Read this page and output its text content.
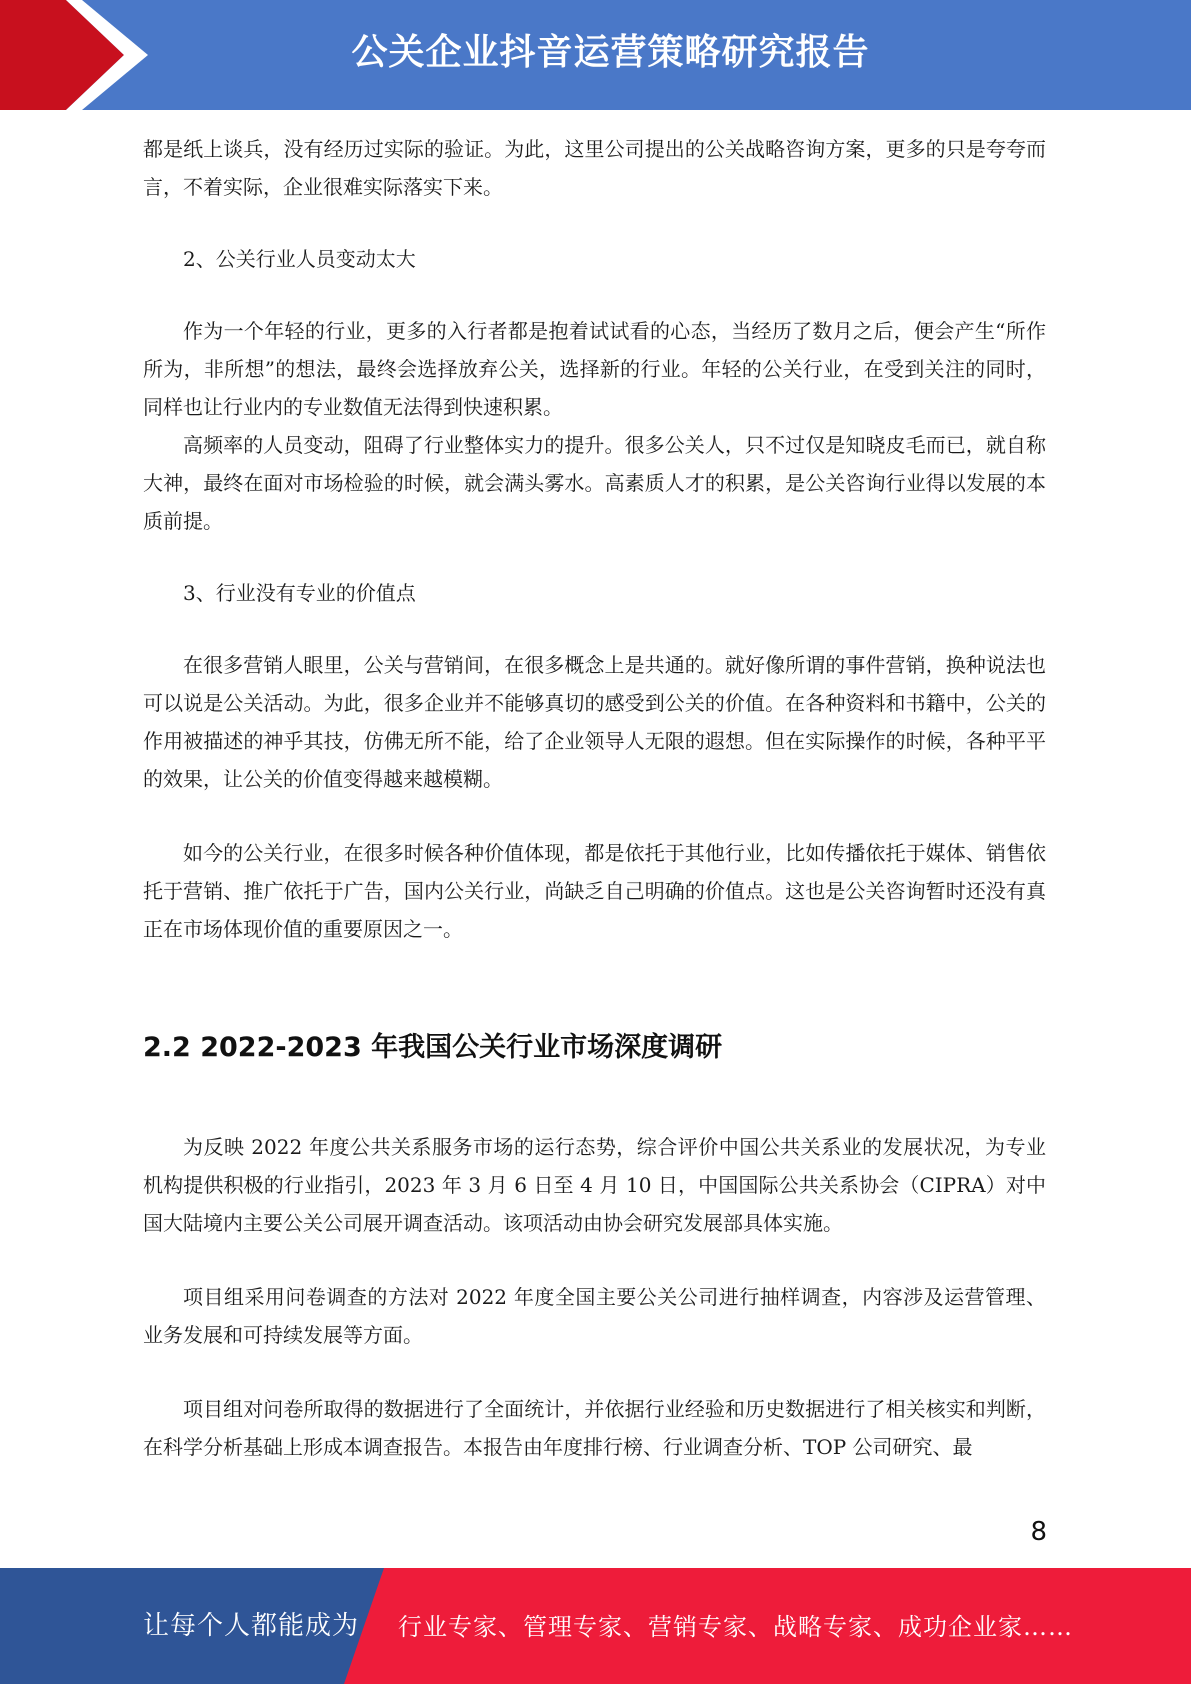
公关企业抖音运营策略研究报告

都是纸上谈兵，没有经历过实际的验证。为此，这里公司提出的公关战略咨询方案，更多的只是夸夸而言，不着实际，企业很难实际落实下来。

2、公关行业人员变动太大

作为一个年轻的行业，更多的入行者都是抱着试试看的心态，当经历了数月之后，便会产生“所作所为，非所想”的想法，最终会选择放弃公关，选择新的行业。年轻的公关行业，在受到关注的同时，同样也让行业内的专业数值无法得到快速积累。

高频率的人员变动，阻碍了行业整体实力的提升。很多公关人，只不过仅是知晓皮毛而已，就自称大神，最终在面对市场检验的时候，就会满头雾水。高素质人才的积累，是公关咨询行业得以发展的本质前提。

3、行业没有专业的价值点

在很多营销人眼里，公关与营销间，在很多概念上是共通的。就好像所谓的事件营销，换种说法也可以说是公关活动。为此，很多企业并不能够真切的感受到公关的价值。在各种资料和书籍中，公关的作用被描述的神乎其技，仿佛无所不能，给了企业领导人无限的遐想。但在实际操作的时候，各种平平的效果，让公关的价值变得越来越模糊。

如今的公关行业，在很多时候各种价值体现，都是依托于其他行业，比如传播依托于媒体、销售依托于营销、推广依托于广告，国内公关行业，尚缺乏自己明确的价值点。这也是公关咨询暂时还没有真正在市场体现价值的重要原因之一。

2.2 2022-2023 年我国公关行业市场深度调研

为反映 2022 年度公共关系服务市场的运行态势，综合评价中国公共关系业的发展状况，为专业机构提供积极的行业指引，2023 年 3 月 6 日至 4 月 10 日，中国国际公共关系协会（CIPRA）对中国大陆境内主要公关公司展开调查活动。该项活动由协会研究发展部具体实施。

项目组采用问卷调查的方法对 2022 年度全国主要公关公司进行抽样调查，内容涉及运营管理、业务发展和可持续发展等方面。

项目组对问卷所取得的数据进行了全面统计，并依据行业经验和历史数据进行了相关核实和判断，在科学分析基础上形成本调查报告。本报告由年度排行榜、行业调查分析、TOP 公司研究、最

8
让每个人都能成为 行业专家、管理专家、营销专家、战略专家、成功企业家……
